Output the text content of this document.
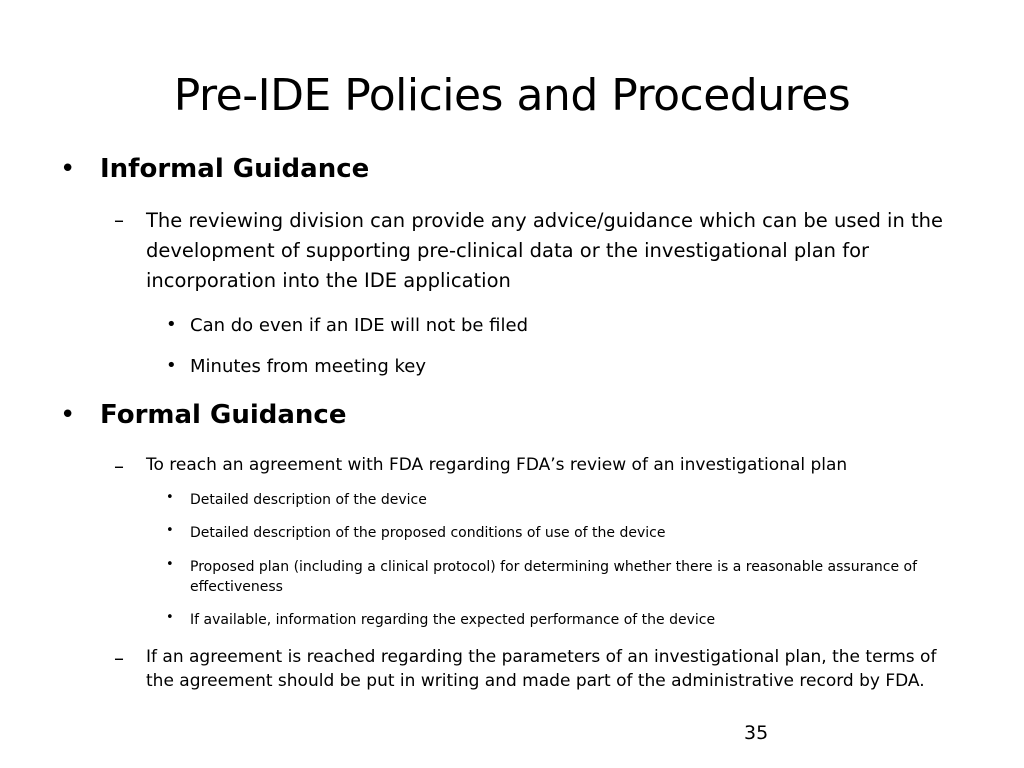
Pre-IDE Policies and Procedures
• Informal Guidance
– The reviewing division can provide any advice/guidance which can be used in the development of supporting pre-clinical data or the investigational plan for incorporation into the IDE application
• Can do even if an IDE will not be filed
• Minutes from meeting key
• Formal Guidance
– To reach an agreement with FDA regarding FDA’s review of an investigational plan
• Detailed description of the device
• Detailed description of the proposed conditions of use of the device
• Proposed plan (including a clinical protocol) for determining whether there is a reasonable assurance of effectiveness
• If available, information regarding the expected performance of the device
– If an agreement is reached regarding the parameters of an investigational plan, the terms of the agreement should be put in writing and made part of the administrative record by FDA.
35
